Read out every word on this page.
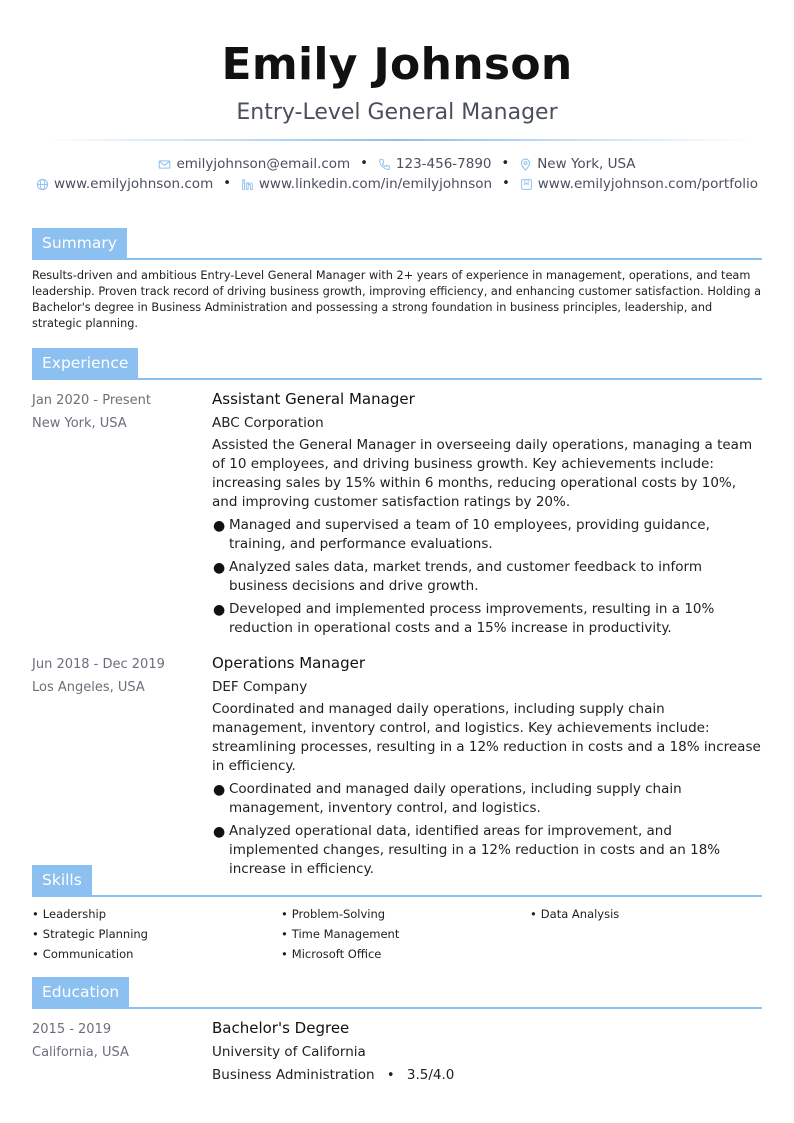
Emily Johnson
Entry-Level General Manager
emilyjohnson@email.com • 123-456-7890 • New York, USA
www.emilyjohnson.com • www.linkedin.com/in/emilyjohnson • www.emilyjohnson.com/portfolio
Summary
Results-driven and ambitious Entry-Level General Manager with 2+ years of experience in management, operations, and team leadership. Proven track record of driving business growth, improving efficiency, and enhancing customer satisfaction. Holding a Bachelor's degree in Business Administration and possessing a strong foundation in business principles, leadership, and strategic planning.
Experience
Jan 2020 - Present
New York, USA
Assistant General Manager
ABC Corporation
Assisted the General Manager in overseeing daily operations, managing a team of 10 employees, and driving business growth. Key achievements include: increasing sales by 15% within 6 months, reducing operational costs by 10%, and improving customer satisfaction ratings by 20%.
● Managed and supervised a team of 10 employees, providing guidance, training, and performance evaluations.
● Analyzed sales data, market trends, and customer feedback to inform business decisions and drive growth.
● Developed and implemented process improvements, resulting in a 10% reduction in operational costs and a 15% increase in productivity.
Jun 2018 - Dec 2019
Los Angeles, USA
Operations Manager
DEF Company
Coordinated and managed daily operations, including supply chain management, inventory control, and logistics. Key achievements include: streamlining processes, resulting in a 12% reduction in costs and a 18% increase in efficiency.
● Coordinated and managed daily operations, including supply chain management, inventory control, and logistics.
● Analyzed operational data, identified areas for improvement, and implemented changes, resulting in a 12% reduction in costs and an 18% increase in efficiency.
Skills
• Leadership	• Problem-Solving	• Data Analysis
• Strategic Planning	• Time Management
• Communication	• Microsoft Office
Education
2015 - 2019
California, USA
Bachelor's Degree
University of California
Business Administration • 3.5/4.0
